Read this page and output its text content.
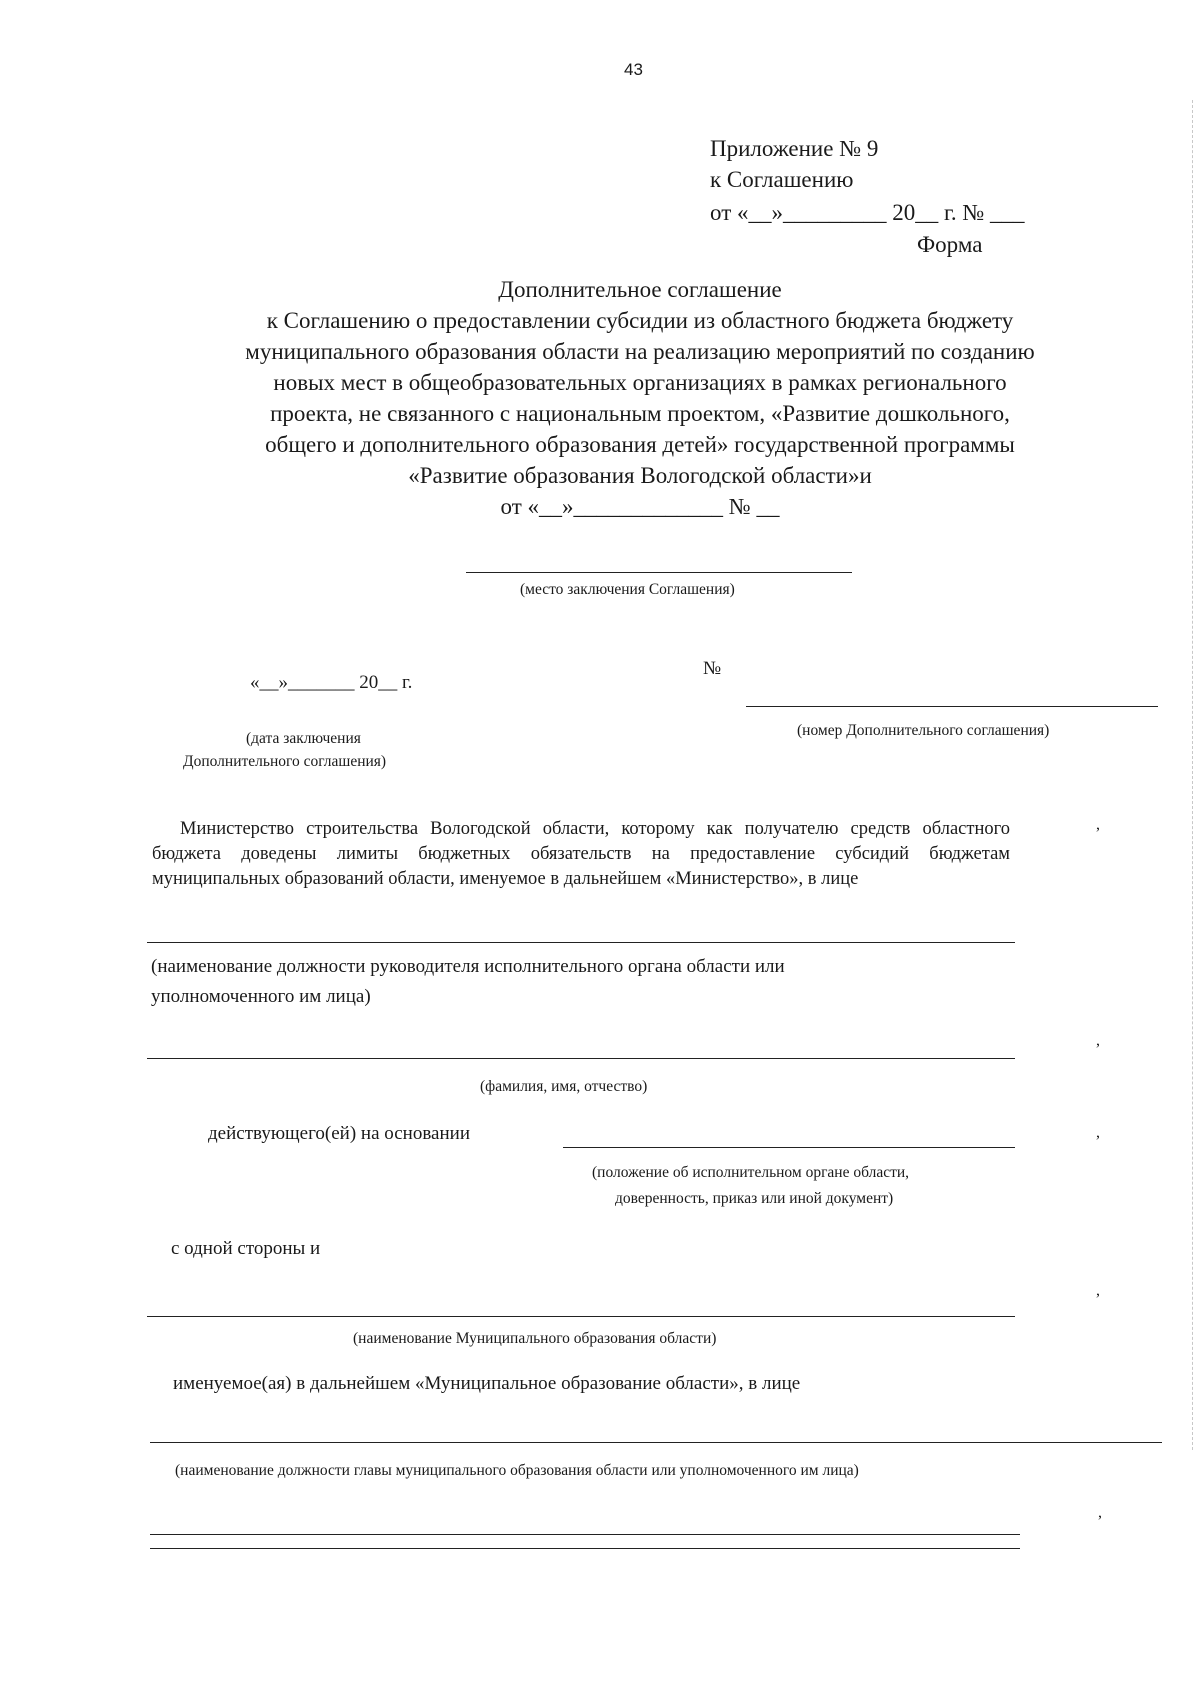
43
Приложение № 9
к Соглашению
от «__»_________ 20__ г. № ___
Форма
Дополнительное соглашение
к Соглашению о предоставлении субсидии из областного бюджета бюджету
муниципального образования области на реализацию мероприятий по созданию
новых мест в общеобразовательных организациях в рамках регионального
проекта, не связанного с национальным проектом, «Развитие дошкольного,
общего и дополнительного образования детей» государственной программы
«Развитие образования Вологодской области»и
от «__»_____________ № __
(место заключения Соглашения)
«__»_______ 20__ г.
№
(дата заключения
Дополнительного соглашения)
(номер Дополнительного соглашения)
Министерство строительства Вологодской области, которому как получателю средств областного бюджета доведены лимиты бюджетных обязательств на предоставление субсидий бюджетам муниципальных образований области, именуемое в дальнейшем «Министерство», в лице
,
(наименование должности руководителя исполнительного органа области или
уполномоченного им лица)
,
(фамилия, имя, отчество)
действующего(ей) на основании	,
(положение об исполнительном органе области,
доверенность, приказ или иной документ)
с одной стороны и
,
(наименование Муниципального образования области)
именуемое(ая) в дальнейшем «Муниципальное образование области», в лице
(наименование должности главы муниципального образования области или уполномоченного им лица)
,
